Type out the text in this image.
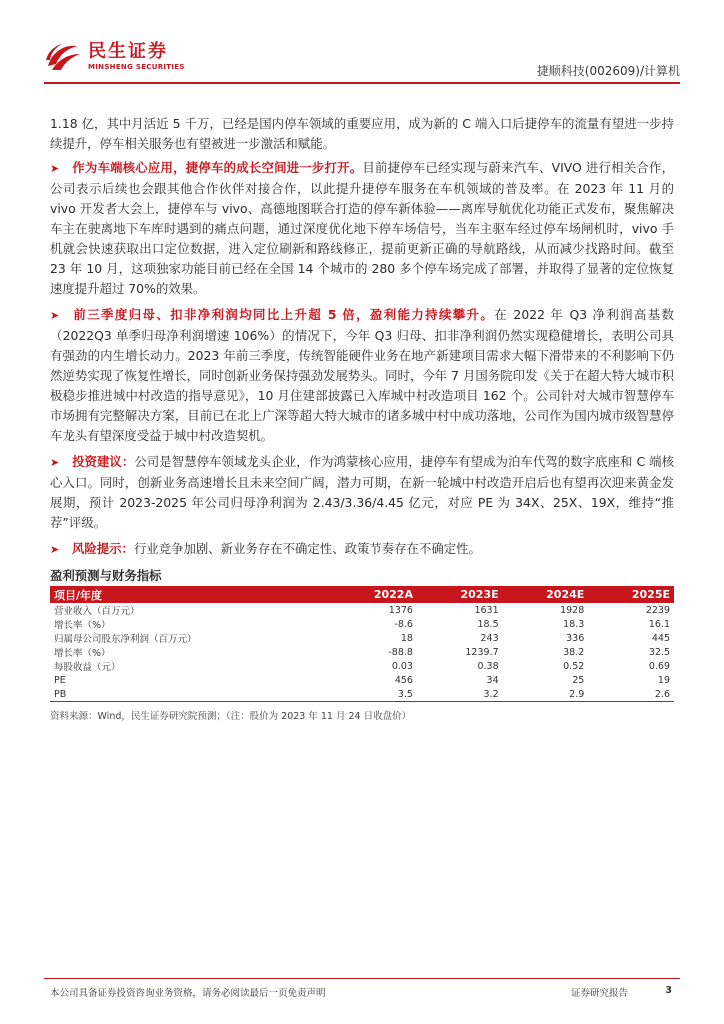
民生证券
MINSHENG SECURITIES	捷顺科技(002609)/计算机

1.18 亿，其中月活近 5 千万，已经是国内停车领域的重要应用，成为新的 C 端入口后捷停车的流量有望进一步持续提升，停车相关服务也有望被进一步激活和赋能。

➤ 作为车端核心应用，捷停车的成长空间进一步打开。目前捷停车已经实现与蔚来汽车、VIVO 进行相关合作，公司表示后续也会跟其他合作伙伴对接合作，以此提升捷停车服务在车机领域的普及率。在 2023 年 11 月的 vivo 开发者大会上，捷停车与 vivo、高德地图联合打造的停车新体验——离库导航优化功能正式发布，聚焦解决车主在驶离地下车库时遇到的痛点问题，通过深度优化地下停车场信号，当车主驱车经过停车场闸机时，vivo 手机就会快速获取出口定位数据，进入定位刷新和路线修正，提前更新正确的导航路线，从而减少找路时间。截至 23 年 10 月，这项独家功能目前已经在全国 14 个城市的 280 多个停车场完成了部署，并取得了显著的定位恢复速度提升超过 70%的效果。

➤ 前三季度归母、扣非净利润均同比上升超 5 倍，盈利能力持续攀升。在 2022 年 Q3 净利润高基数（2022Q3 单季归母净利润增速 106%）的情况下，今年 Q3 归母、扣非净利润仍然实现稳健增长，表明公司具有强劲的内生增长动力。2023 年前三季度，传统智能硬件业务在地产新建项目需求大幅下滑带来的不利影响下仍然逆势实现了恢复性增长，同时创新业务保持强劲发展势头。同时，今年 7 月国务院印发《关于在超大特大城市积极稳步推进城中村改造的指导意见》，10 月住建部披露已入库城中村改造项目 162 个。公司针对大城市智慧停车市场拥有完整解决方案，目前已在北上广深等超大特大城市的诸多城中村中成功落地，公司作为国内城市级智慧停车龙头有望深度受益于城中村改造契机。

➤ 投资建议：公司是智慧停车领域龙头企业，作为鸿蒙核心应用，捷停车有望成为泊车代驾的数字底座和 C 端核心入口。同时，创新业务高速增长且未来空间广阔，潜力可期，在新一轮城中村改造开启后也有望再次迎来黄金发展期，预计 2023-2025 年公司归母净利润为 2.43/3.36/4.45 亿元，对应 PE 为 34X、25X、19X，维持“推荐”评级。

➤ 风险提示：行业竞争加剧、新业务存在不确定性、政策节奏存在不确定性。

盈利预测与财务指标
项目/年度	2022A	2023E	2024E	2025E
营业收入（百万元）	1376	1631	1928	2239
增长率（%）	-8.6	18.5	18.3	16.1
归属母公司股东净利润（百万元）	18	243	336	445
增长率（%）	-88.8	1239.7	38.2	32.5
每股收益（元）	0.03	0.38	0.52	0.69
PE	456	34	25	19
PB	3.5	3.2	2.9	2.6
资料来源：Wind，民生证券研究院预测；（注：股价为 2023 年 11 月 24 日收盘价）
本公司具备证券投资咨询业务资格，请务必阅读最后一页免责声明	证券研究报告	3
